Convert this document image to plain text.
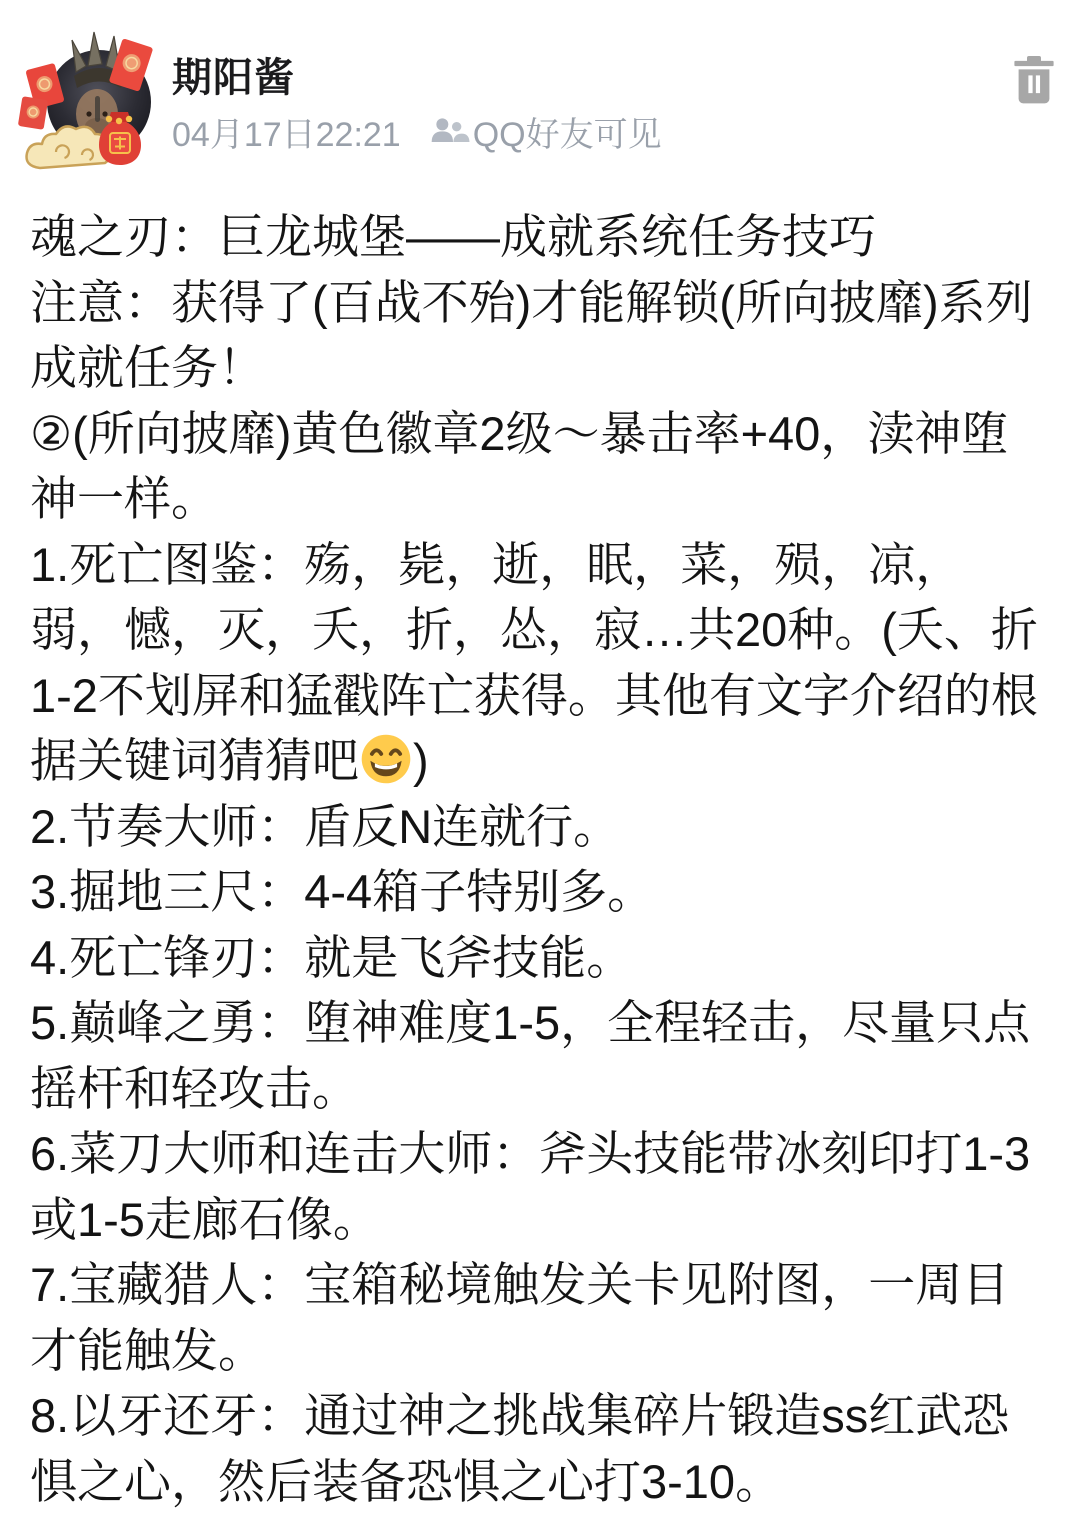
期阳酱
04月17日22:21 QQ好友可见
魂之刃：巨龙城堡——成就系统任务技巧
注意：获得了(百战不殆)才能解锁(所向披靡)系列
成就任务！
②(所向披靡)黄色徽章2级～暴击率+40，渎神堕
神一样。
1.死亡图鉴：殇，毙，逝，眠，菜，殒，凉，
弱，憾，灭，夭，折，怂，寂…共20种。(夭、折
1-2不划屏和猛戳阵亡获得。其他有文字介绍的根
据关键词猜猜吧 )
2.节奏大师：盾反N连就行。
3.掘地三尺：4-4箱子特别多。
4.死亡锋刃：就是飞斧技能。
5.巅峰之勇：堕神难度1-5，全程轻击，尽量只点
摇杆和轻攻击。
6.菜刀大师和连击大师：斧头技能带冰刻印打1-3
或1-5走廊石像。
7.宝藏猎人：宝箱秘境触发关卡见附图，一周目
才能触发。
8.以牙还牙：通过神之挑战集碎片锻造ss红武恐
惧之心，然后装备恐惧之心打3-10。
